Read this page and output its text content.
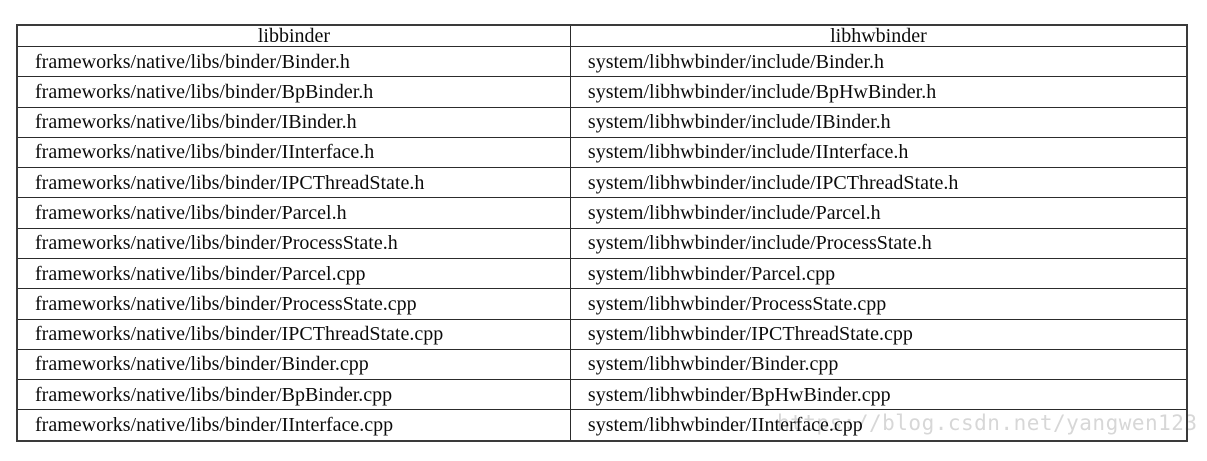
https://blog.csdn.net/yangwen123
libbinder	libhwbinder
frameworks/native/libs/binder/Binder.h	system/libhwbinder/include/Binder.h
frameworks/native/libs/binder/BpBinder.h	system/libhwbinder/include/BpHwBinder.h
frameworks/native/libs/binder/IBinder.h	system/libhwbinder/include/IBinder.h
frameworks/native/libs/binder/IInterface.h	system/libhwbinder/include/IInterface.h
frameworks/native/libs/binder/IPCThreadState.h	system/libhwbinder/include/IPCThreadState.h
frameworks/native/libs/binder/Parcel.h	system/libhwbinder/include/Parcel.h
frameworks/native/libs/binder/ProcessState.h	system/libhwbinder/include/ProcessState.h
frameworks/native/libs/binder/Parcel.cpp	system/libhwbinder/Parcel.cpp
frameworks/native/libs/binder/ProcessState.cpp	system/libhwbinder/ProcessState.cpp
frameworks/native/libs/binder/IPCThreadState.cpp	system/libhwbinder/IPCThreadState.cpp
frameworks/native/libs/binder/Binder.cpp	system/libhwbinder/Binder.cpp
frameworks/native/libs/binder/BpBinder.cpp	system/libhwbinder/BpHwBinder.cpp
frameworks/native/libs/binder/IInterface.cpp	system/libhwbinder/IInterface.cpp
